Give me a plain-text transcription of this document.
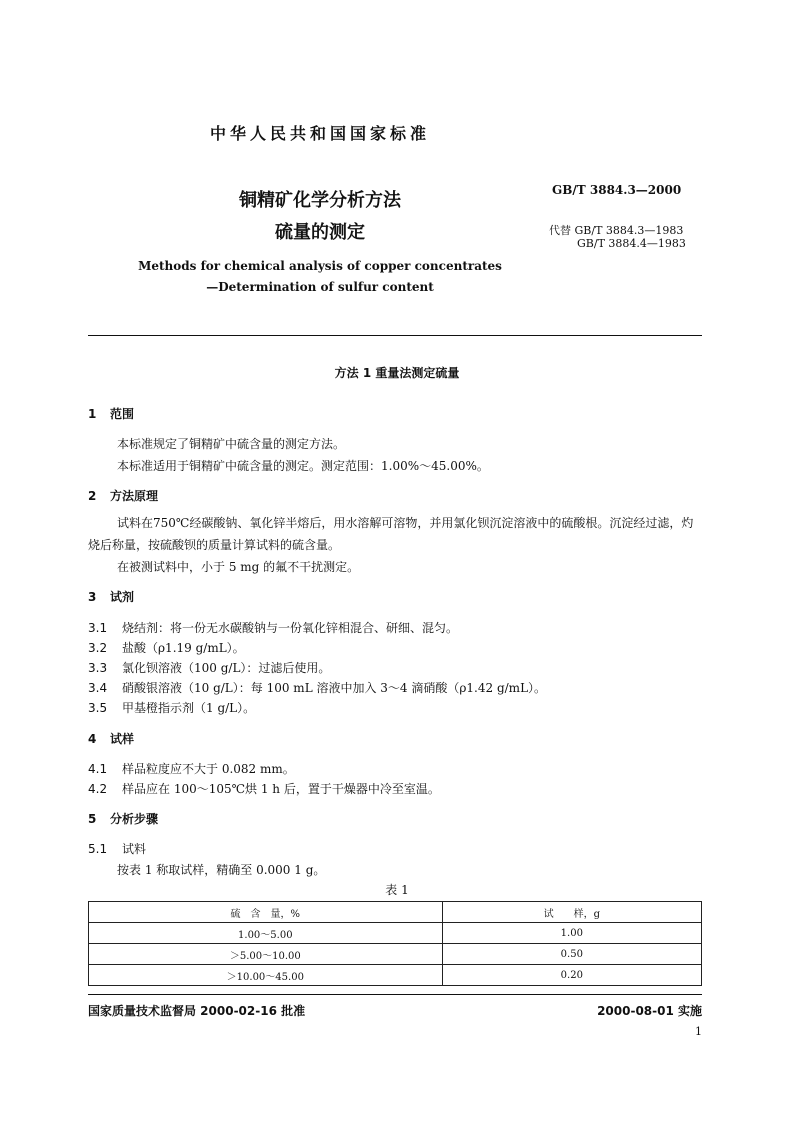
中华人民共和国国家标准
GB/T 3884.3—2000
代替 GB/T 3884.3—1983
GB/T 3884.4—1983
铜精矿化学分析方法
硫量的测定
Methods for chemical analysis of copper concentrates
—Determination of sulfur content
方法 1 重量法测定硫量
1 范围
本标准规定了铜精矿中硫含量的测定方法。
本标准适用于铜精矿中硫含量的测定。测定范围：1.00%～45.00%。
2 方法原理
试料在750℃经碳酸钠、氧化锌半熔后，用水溶解可溶物，并用氯化钡沉淀溶液中的硫酸根。沉淀经过滤，灼烧后称量，按硫酸钡的质量计算试料的硫含量。
在被测试料中，小于 5 mg 的氟不干扰测定。
3 试剂
3.1 烧结剂：将一份无水碳酸钠与一份氧化锌相混合、研细、混匀。
3.2 盐酸（ρ1.19 g/mL）。
3.3 氯化钡溶液（100 g/L）：过滤后使用。
3.4 硝酸银溶液（10 g/L）：每 100 mL 溶液中加入 3～4 滴硝酸（ρ1.42 g/mL）。
3.5 甲基橙指示剂（1 g/L）。
4 试样
4.1 样品粒度应不大于 0.082 mm。
4.2 样品应在 100～105℃烘 1 h 后，置于干燥器中冷至室温。
5 分析步骤
5.1 试料
按表 1 称取试样，精确至 0.000 1 g。
表 1
硫　含　量，%	试　　样，g
1.00～5.00	1.00
＞5.00～10.00	0.50
＞10.00～45.00	0.20
国家质量技术监督局 2000-02-16 批准	2000-08-01 实施
1
